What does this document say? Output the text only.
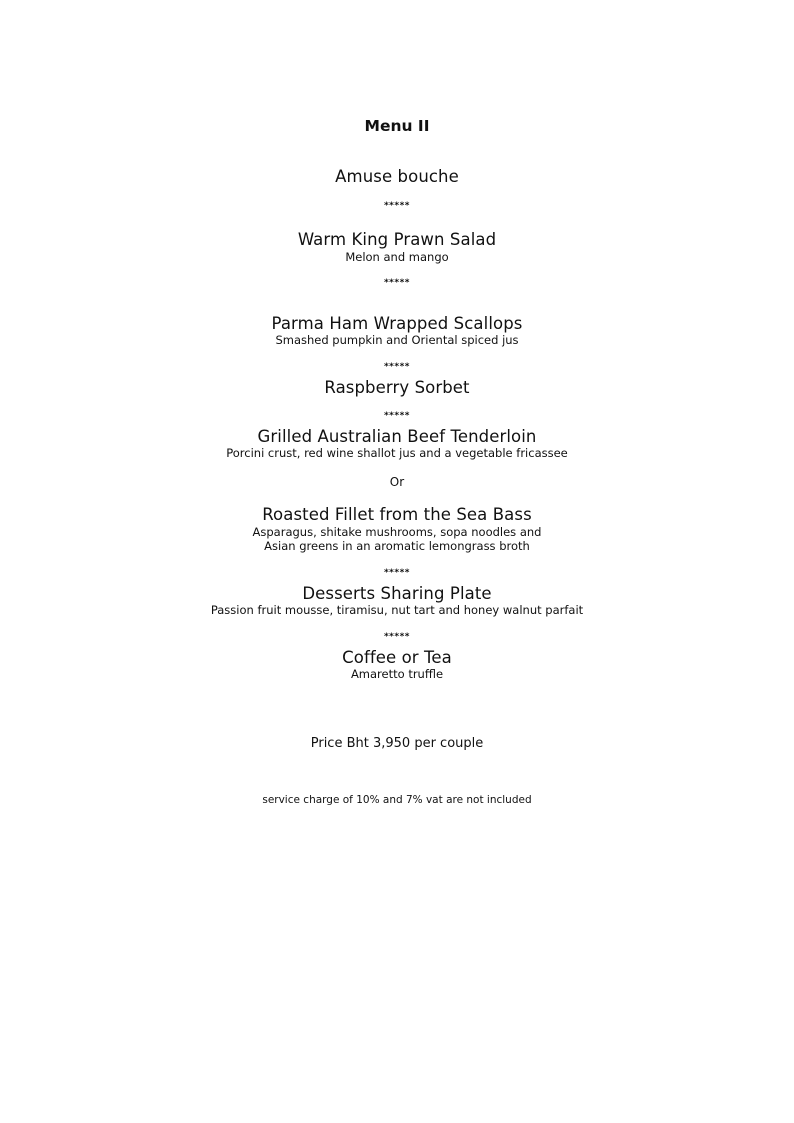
Menu II
Amuse bouche
*****
Warm King Prawn Salad
Melon and mango
*****
Parma Ham Wrapped Scallops
Smashed pumpkin and Oriental spiced jus
*****
Raspberry Sorbet
*****
Grilled Australian Beef Tenderloin
Porcini crust, red wine shallot jus and a vegetable fricassee
Or
Roasted Fillet from the Sea Bass
Asparagus, shitake mushrooms, sopa noodles and
Asian greens in an aromatic lemongrass broth
*****
Desserts Sharing Plate
Passion fruit mousse, tiramisu, nut tart and honey walnut parfait
*****
Coffee or Tea
Amaretto truffle
Price Bht 3,950 per couple
service charge of 10% and 7% vat are not included
